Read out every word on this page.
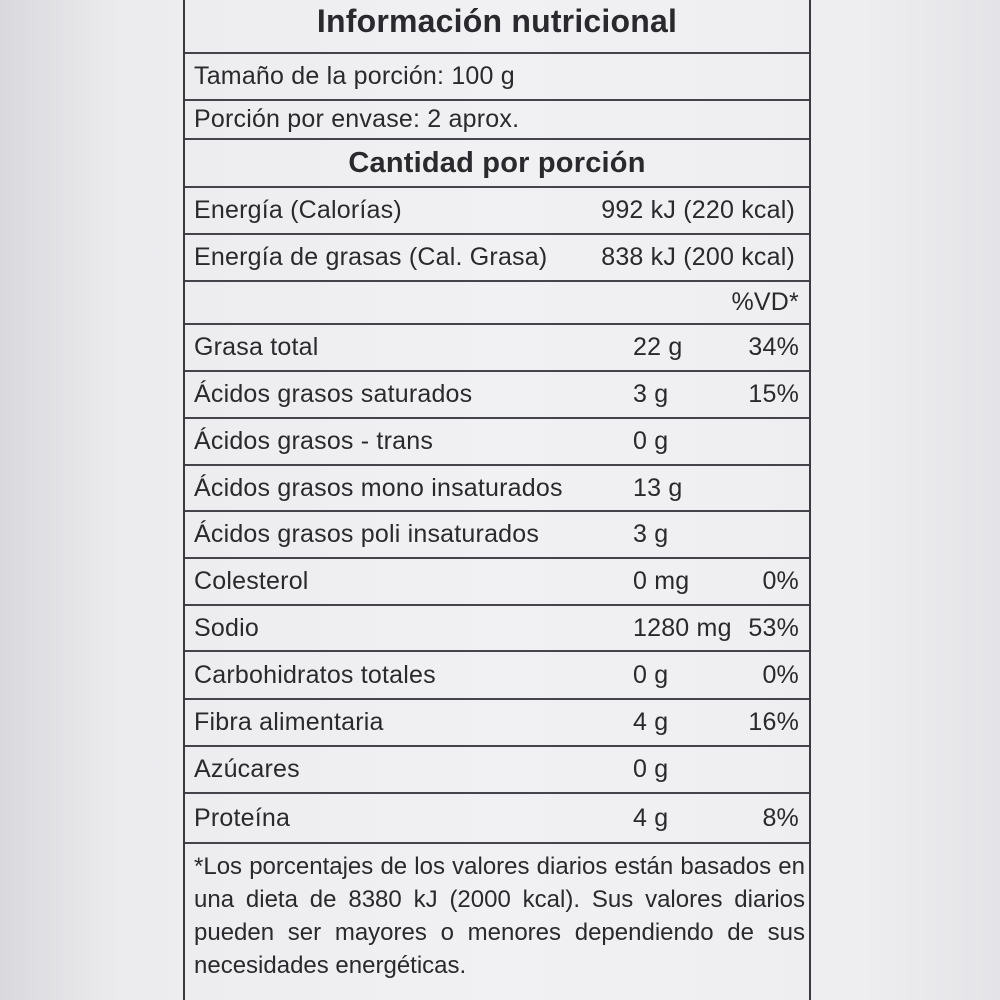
Información nutricional
Tamaño de la porción: 100 g
Porción por envase: 2 aprox.
Cantidad por porción
Energía (Calorías)	992 kJ (220 kcal)
Energía de grasas (Cal. Grasa) 838 kJ (200 kcal)
%VD*
Grasa total	22 g	34%
Ácidos grasos saturados	3 g	15%
Ácidos grasos - trans	0 g
Ácidos grasos mono insaturados	13 g
Ácidos grasos poli insaturados	3 g
Colesterol	0 mg	0%
Sodio	1280 mg 53%
Carbohidratos totales	0 g	0%
Fibra alimentaria	4 g	16%
Azúcares	0 g
Proteína	4 g	8%
*Los porcentajes de los valores diarios están basados en una dieta de 8380 kJ (2000 kcal). Sus valores diarios pueden ser mayores o menores dependiendo de sus necesidades energéticas.
